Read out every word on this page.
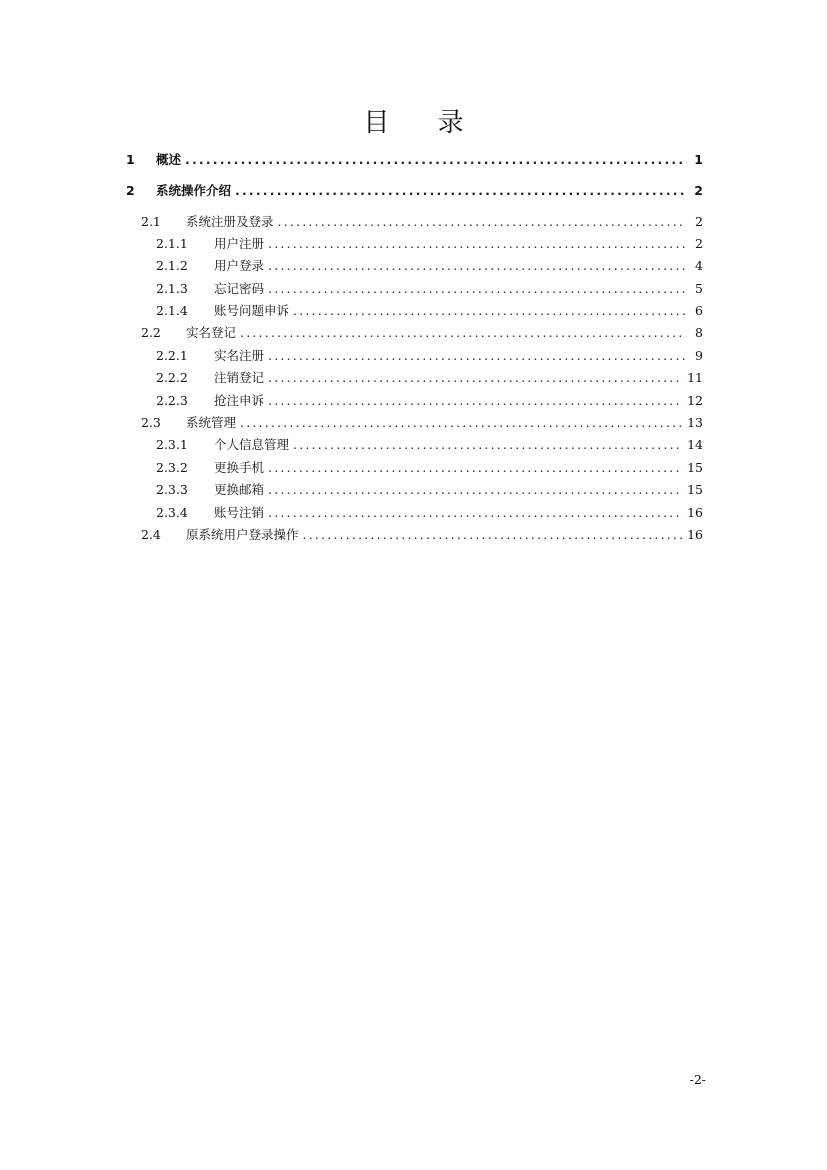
目 录
1	概述 .....	1
2	系统操作介绍 .....	2
2.1	系统注册及登录 .....	2
2.1.1	用户注册 .....	2
2.1.2	用户登录 .....	4
2.1.3	忘记密码 .....	5
2.1.4	账号问题申诉 .....	6
2.2	实名登记 .....	8
2.2.1	实名注册 .....	9
2.2.2	注销登记 .....	11
2.2.3	抢注申诉 .....	12
2.3	系统管理 .....	13
2.3.1	个人信息管理 .....	14
2.3.2	更换手机 .....	15
2.3.3	更换邮箱 .....	15
2.3.4	账号注销 .....	16
2.4	原系统用户登录操作 .....	16
-2-
